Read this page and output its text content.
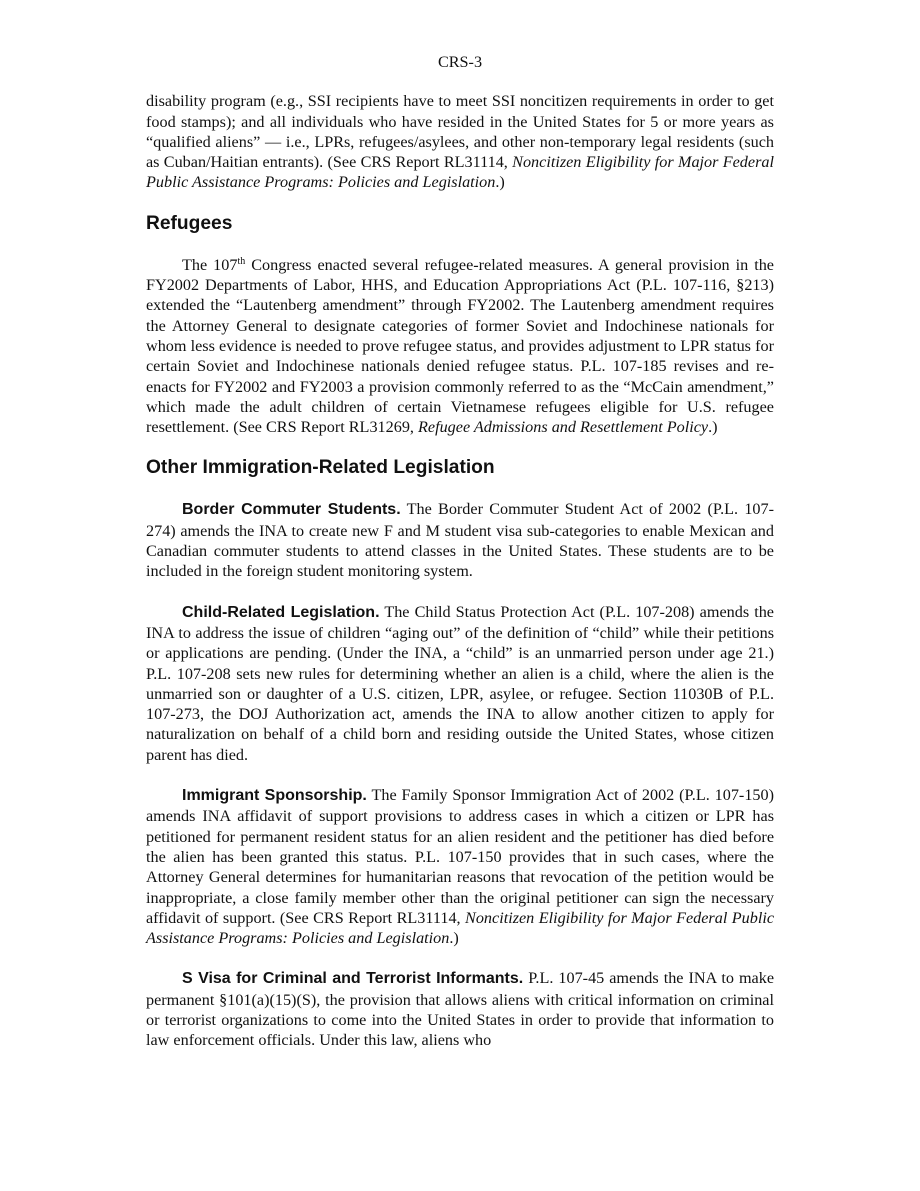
CRS-3

disability program (e.g., SSI recipients have to meet SSI noncitizen requirements in order to get food stamps); and all individuals who have resided in the United States for 5 or more years as “qualified aliens” — i.e., LPRs, refugees/asylees, and other non-temporary legal residents (such as Cuban/Haitian entrants). (See CRS Report RL31114, Noncitizen Eligibility for Major Federal Public Assistance Programs: Policies and Legislation.)

Refugees

The 107th Congress enacted several refugee-related measures. A general provision in the FY2002 Departments of Labor, HHS, and Education Appropriations Act (P.L. 107-116, §213) extended the “Lautenberg amendment” through FY2002. The Lautenberg amendment requires the Attorney General to designate categories of former Soviet and Indochinese nationals for whom less evidence is needed to prove refugee status, and provides adjustment to LPR status for certain Soviet and Indochinese nationals denied refugee status. P.L. 107-185 revises and re-enacts for FY2002 and FY2003 a provision commonly referred to as the “McCain amendment,” which made the adult children of certain Vietnamese refugees eligible for U.S. refugee resettlement. (See CRS Report RL31269, Refugee Admissions and Resettlement Policy.)

Other Immigration-Related Legislation

Border Commuter Students. The Border Commuter Student Act of 2002 (P.L. 107-274) amends the INA to create new F and M student visa sub-categories to enable Mexican and Canadian commuter students to attend classes in the United States. These students are to be included in the foreign student monitoring system.

Child-Related Legislation. The Child Status Protection Act (P.L. 107-208) amends the INA to address the issue of children “aging out” of the definition of “child” while their petitions or applications are pending. (Under the INA, a “child” is an unmarried person under age 21.) P.L. 107-208 sets new rules for determining whether an alien is a child, where the alien is the unmarried son or daughter of a U.S. citizen, LPR, asylee, or refugee. Section 11030B of P.L. 107-273, the DOJ Authorization act, amends the INA to allow another citizen to apply for naturalization on behalf of a child born and residing outside the United States, whose citizen parent has died.

Immigrant Sponsorship. The Family Sponsor Immigration Act of 2002 (P.L. 107-150) amends INA affidavit of support provisions to address cases in which a citizen or LPR has petitioned for permanent resident status for an alien resident and the petitioner has died before the alien has been granted this status. P.L. 107-150 provides that in such cases, where the Attorney General determines for humanitarian reasons that revocation of the petition would be inappropriate, a close family member other than the original petitioner can sign the necessary affidavit of support. (See CRS Report RL31114, Noncitizen Eligibility for Major Federal Public Assistance Programs: Policies and Legislation.)

S Visa for Criminal and Terrorist Informants. P.L. 107-45 amends the INA to make permanent §101(a)(15)(S), the provision that allows aliens with critical information on criminal or terrorist organizations to come into the United States in order to provide that information to law enforcement officials. Under this law, aliens who
